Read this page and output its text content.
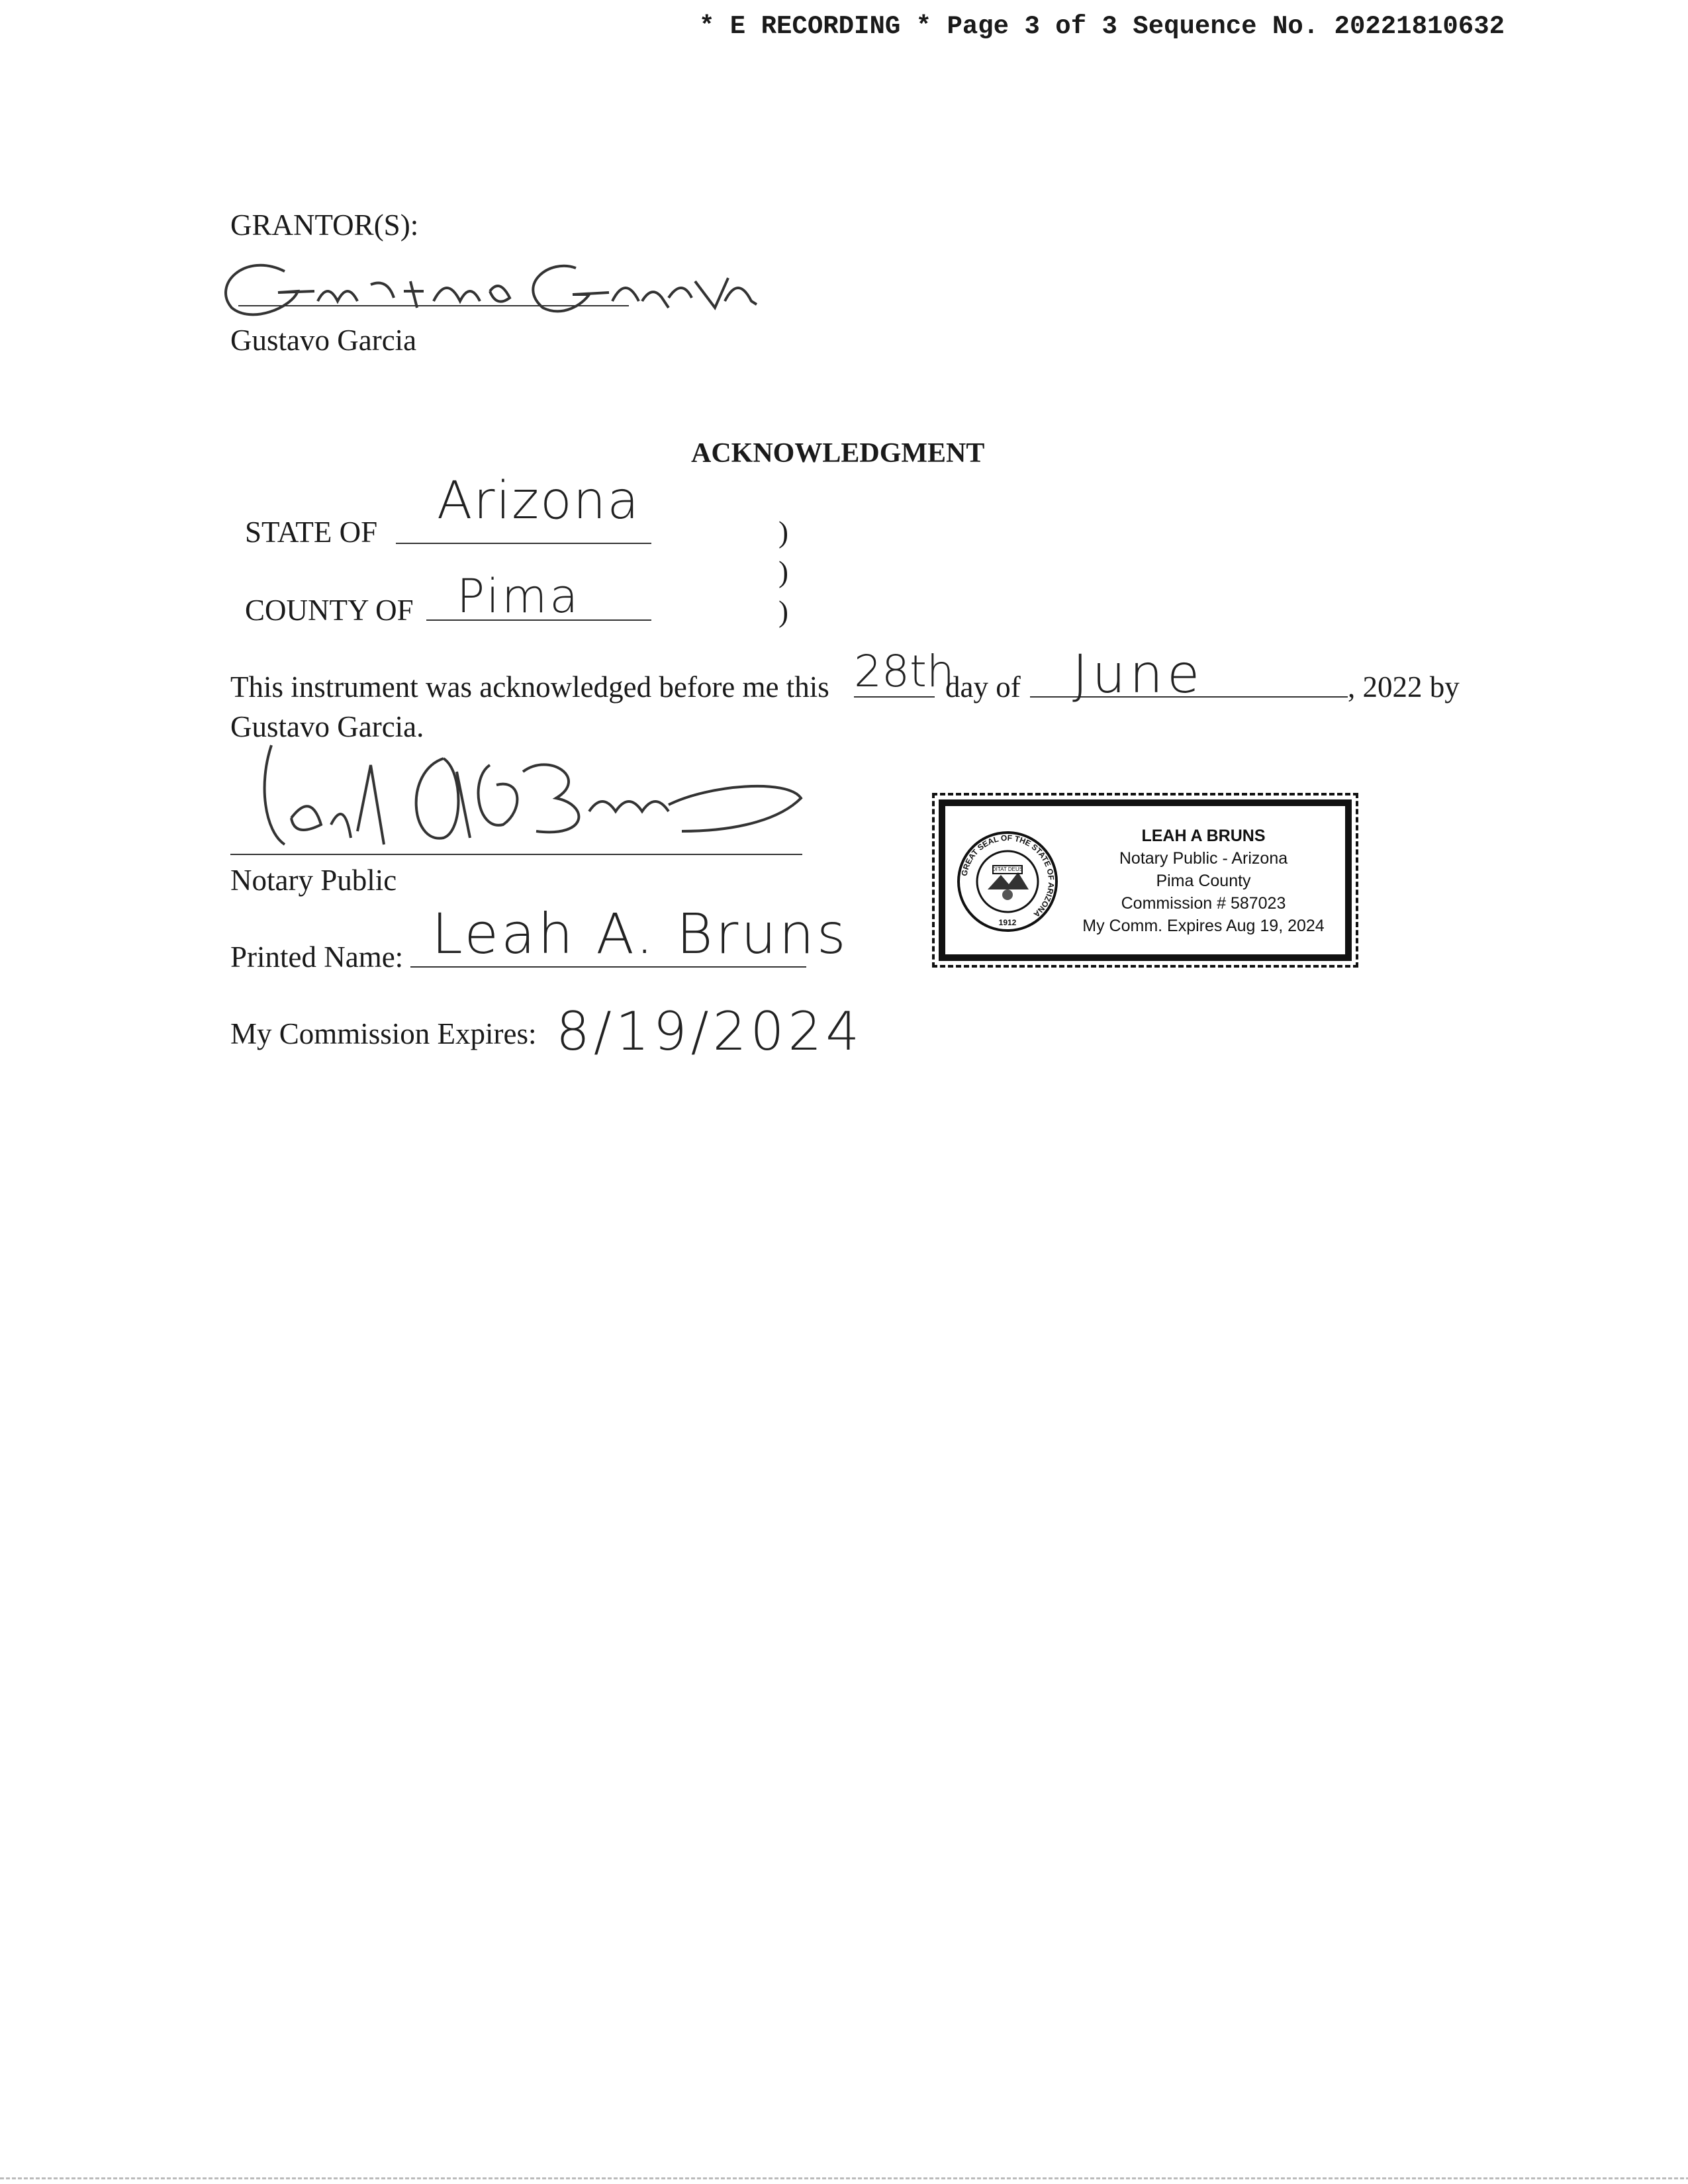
* E RECORDING * Page 3 of 3 Sequence No. 20221810632
GRANTOR(S):
Gustavo Garcia
ACKNOWLEDGMENT
STATE OF
Arizona
COUNTY OF Pima
)
)
)
This instrument was acknowledged before me this 28th
day of June	, 2022 by
Gustavo Garcia.
Notary Public
Printed Name: Leah A. Bruns
My Commission Expires: 8/19/2024
GREAT SEAL OF THE STATE OF ARIZONA
DITAT DEUS
1912
LEAH A BRUNS
Notary Public - Arizona
Pima County
Commission # 587023
My Comm. Expires Aug 19, 2024
